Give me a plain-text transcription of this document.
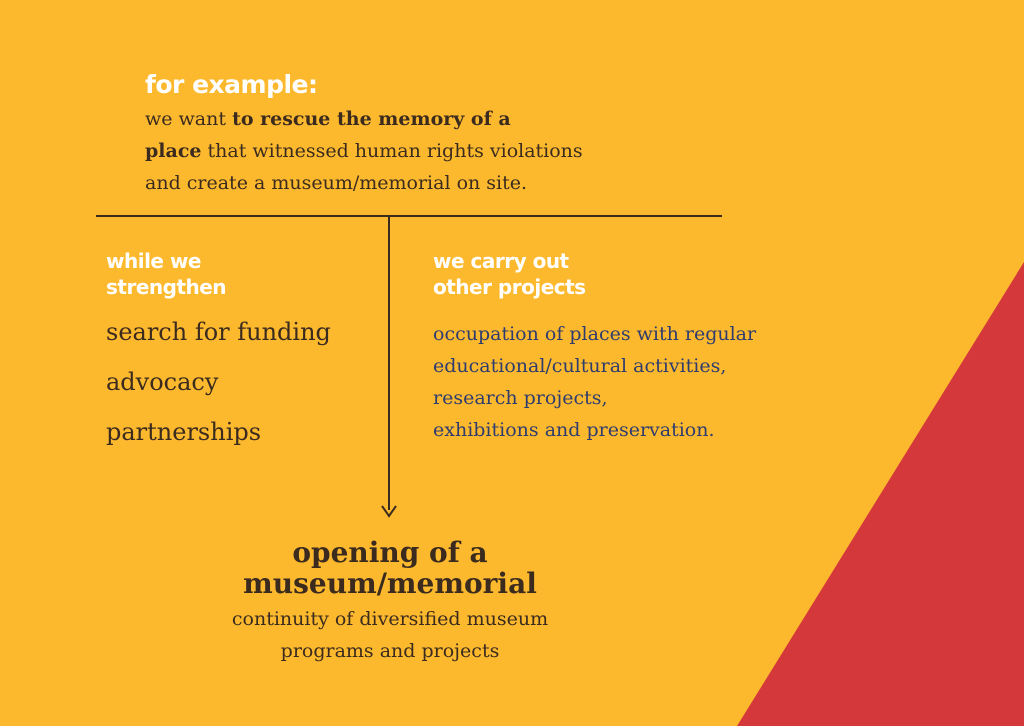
for example:
we want to rescue the memory of a
place that witnessed human rights violations
and create a museum/memorial on site.
while we
strengthen
search for funding
advocacy
partnerships
we carry out
other projects
occupation of places with regular
educational/cultural activities,
research projects,
exhibitions and preservation.
opening of a
museum/memorial
continuity of diversified museum
programs and projects
